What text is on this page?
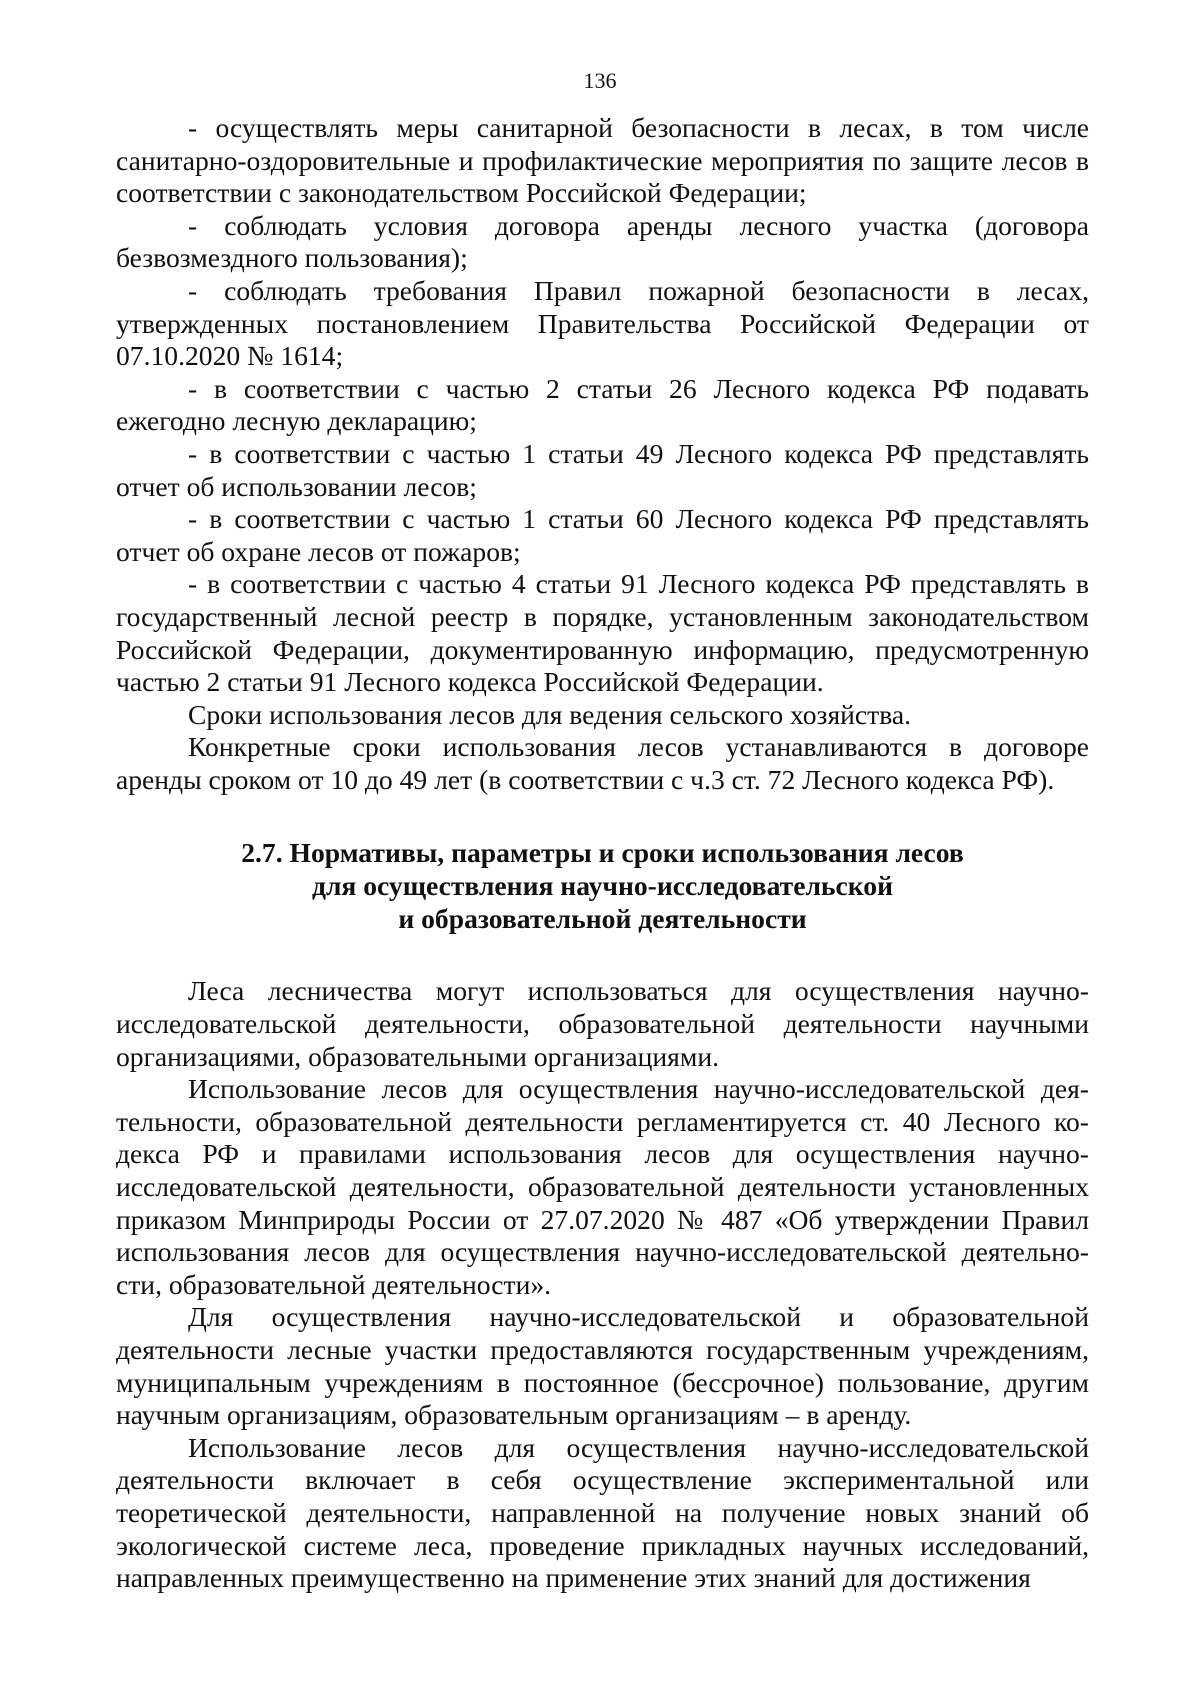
136

- осуществлять меры санитарной безопасности в лесах, в том числе санитарно-оздоровительные и профилактические мероприятия по защите лесов в соответствии с законодательством Российской Федерации;

- соблюдать условия договора аренды лесного участка (договора безвозмездного пользования);

- соблюдать требования Правил пожарной безопасности в лесах, утвержденных постановлением Правительства Российской Федерации от 07.10.2020 № 1614;

- в соответствии с частью 2 статьи 26 Лесного кодекса РФ подавать ежегодно лесную декларацию;

- в соответствии с частью 1 статьи 49 Лесного кодекса РФ представлять отчет об использовании лесов;

- в соответствии с частью 1 статьи 60 Лесного кодекса РФ представлять отчет об охране лесов от пожаров;

- в соответствии с частью 4 статьи 91 Лесного кодекса РФ представлять в государственный лесной реестр в порядке, установленным законодательством Российской Федерации, документированную информацию, предусмотренную частью 2 статьи 91 Лесного кодекса Российской Федерации.

Сроки использования лесов для ведения сельского хозяйства.

Конкретные сроки использования лесов устанавливаются в договоре аренды сроком от 10 до 49 лет (в соответствии с ч.3 ст. 72 Лесного кодекса РФ).

2.7. Нормативы, параметры и сроки использования лесов
для осуществления научно-исследовательской
и образовательной деятельности

Леса лесничества могут использоваться для осуществления научно-исследовательской деятельности, образовательной деятельности научными организациями, образовательными организациями.

Использование лесов для осуществления научно-исследовательской дея-тельности, образовательной деятельности регламентируется ст. 40 Лесного ко-декса РФ и правилами использования лесов для осуществления научно-исследовательской деятельности, образовательной деятельности установленных приказом Минприроды России от 27.07.2020 № 487 «Об утверждении Правил использования лесов для осуществления научно-исследовательской деятельно-сти, образовательной деятельности».

Для осуществления научно-исследовательской и образовательной деятельности лесные участки предоставляются государственным учреждениям, муниципальным учреждениям в постоянное (бессрочное) пользование, другим научным организациям, образовательным организациям – в аренду.

Использование лесов для осуществления научно-исследовательской деятельности включает в себя осуществление экспериментальной или теоретической деятельности, направленной на получение новых знаний об экологической системе леса, проведение прикладных научных исследований, направленных преимущественно на применение этих знаний для достижения
